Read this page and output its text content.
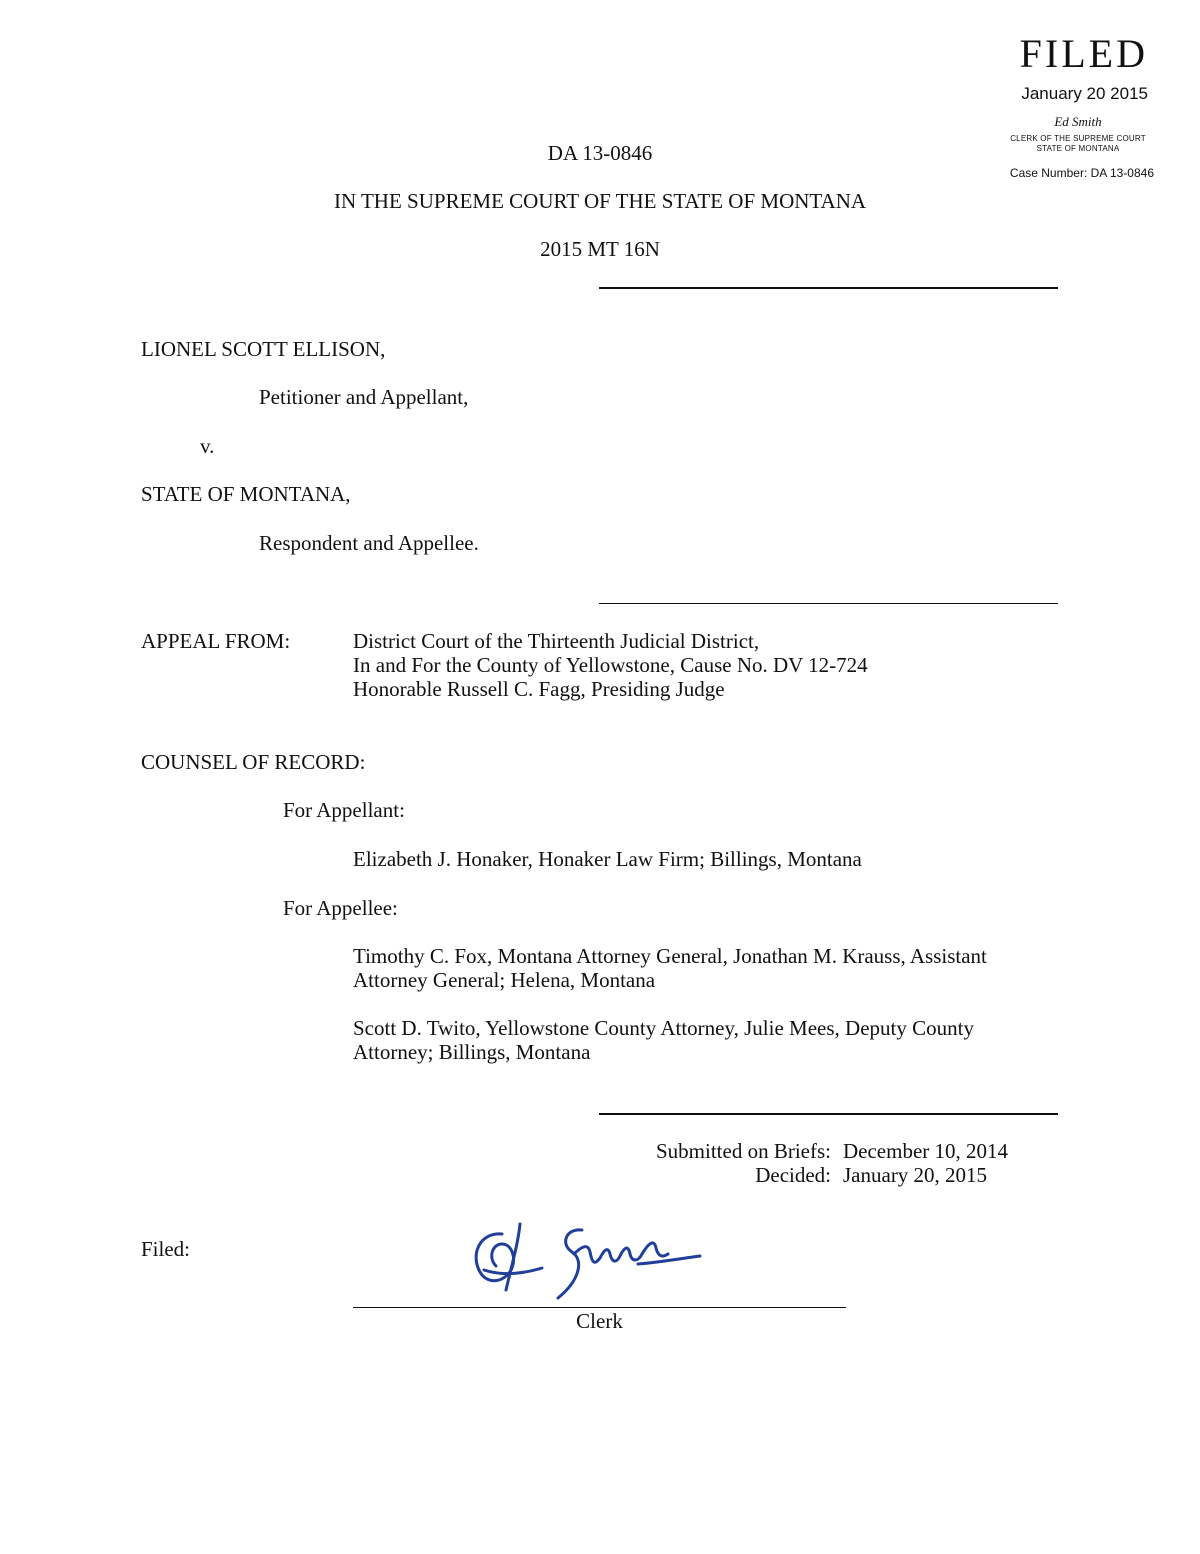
FILED
January 20 2015
Ed Smith
CLERK OF THE SUPREME COURT
STATE OF MONTANA
Case Number: DA 13-0846
DA 13-0846
IN THE SUPREME COURT OF THE STATE OF MONTANA
2015 MT 16N
LIONEL SCOTT ELLISON,
Petitioner and Appellant,
v.
STATE OF MONTANA,
Respondent and Appellee.
APPEAL FROM:	District Court of the Thirteenth Judicial District,
In and For the County of Yellowstone, Cause No. DV 12-724
Honorable Russell C. Fagg, Presiding Judge
COUNSEL OF RECORD:
For Appellant:
Elizabeth J. Honaker, Honaker Law Firm; Billings, Montana
For Appellee:
Timothy C. Fox, Montana Attorney General, Jonathan M. Krauss, Assistant
Attorney General; Helena, Montana
Scott D. Twito, Yellowstone County Attorney, Julie Mees, Deputy County
Attorney; Billings, Montana
Submitted on Briefs: December 10, 2014
Decided: January 20, 2015
Filed:
Clerk
